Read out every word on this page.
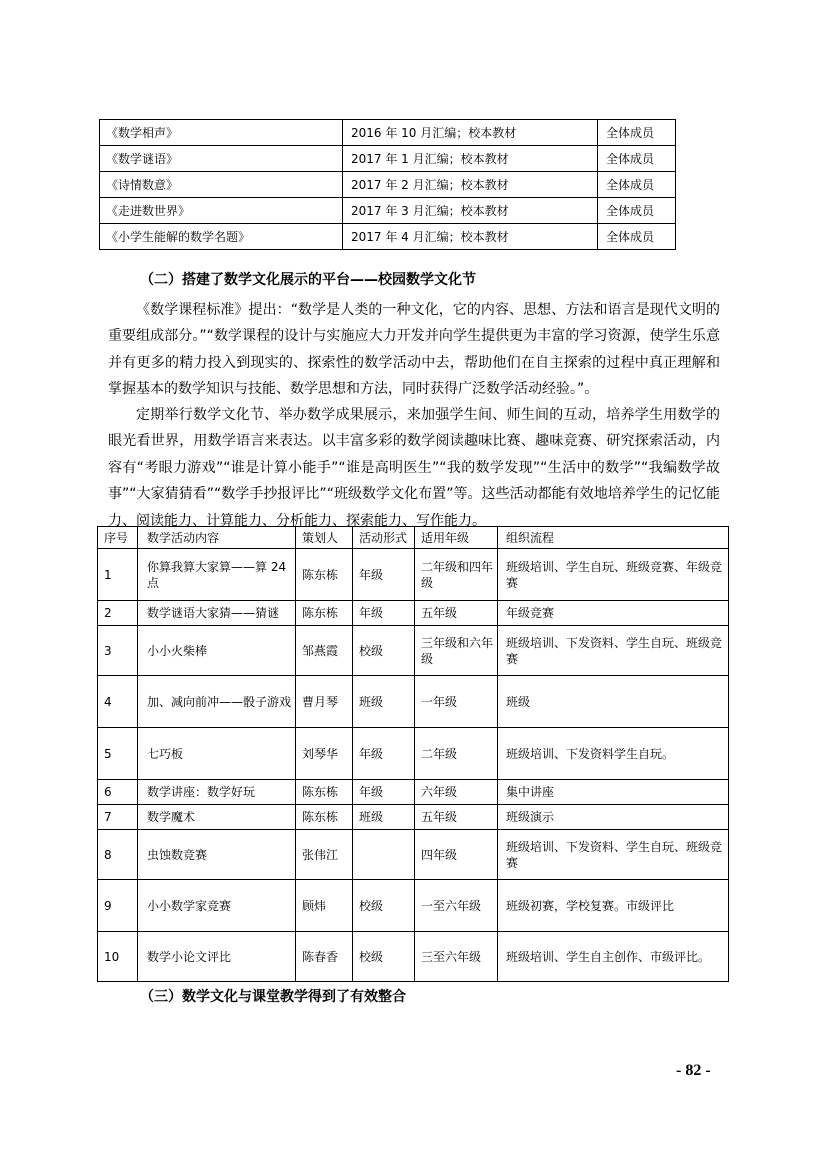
《数学相声》	2016 年 10 月汇编；校本教材	全体成员
《数学谜语》	2017 年 1 月汇编；校本教材	全体成员
《诗情数意》	2017 年 2 月汇编；校本教材	全体成员
《走进数世界》	2017 年 3 月汇编；校本教材	全体成员
《小学生能解的数学名题》	2017 年 4 月汇编；校本教材	全体成员
（二）搭建了数学文化展示的平台——校园数学文化节

《数学课程标准》提出：“数学是人类的一种文化，它的内容、思想、方法和语言是现代文明的重要组成部分。”“数学课程的设计与实施应大力开发并向学生提供更为丰富的学习资源，使学生乐意并有更多的精力投入到现实的、探索性的数学活动中去，帮助他们在自主探索的过程中真正理解和掌握基本的数学知识与技能、数学思想和方法，同时获得广泛数学活动经验。”。

定期举行数学文化节、举办数学成果展示，来加强学生间、师生间的互动，培养学生用数学的眼光看世界，用数学语言来表达。以丰富多彩的数学阅读趣味比赛、趣味竞赛、研究探索活动，内容有“考眼力游戏”“谁是计算小能手”“谁是高明医生”“我的数学发现”“生活中的数学”“我编数学故事”“大家猜猜看”“数学手抄报评比”“班级数学文化布置”等。这些活动都能有效地培养学生的记忆能力、阅读能力、计算能力、分析能力、探索能力、写作能力。

序号	数学活动内容	策划人	活动形式	适用年级	组织流程
1	你算我算大家算——算 24 点	陈东栋	年级	二年级和四年级	班级培训、学生自玩、班级竞赛、年级竞赛
2	数学谜语大家猜——猜谜	陈东栋	年级	五年级	年级竞赛
3	小小火柴棒	邹燕霞	校级	三年级和六年级	班级培训、下发资料、学生自玩、班级竞赛
4	加、减向前冲——骰子游戏	曹月琴	班级	一年级	班级
5	七巧板	刘琴华	年级	二年级	班级培训、下发资料学生自玩。
6	数学讲座：数学好玩	陈东栋	年级	六年级	集中讲座
7	数学魔术	陈东栋	班级	五年级	班级演示
8	虫蚀数竞赛	张伟江		四年级	班级培训、下发资料、学生自玩、班级竞赛
9	小小数学家竞赛	顾炜	校级	一至六年级	班级初赛，学校复赛。市级评比
10	数学小论文评比	陈春香	校级	三至六年级	班级培训、学生自主创作、市级评比。
（三）数学文化与课堂教学得到了有效整合
- 82 -
